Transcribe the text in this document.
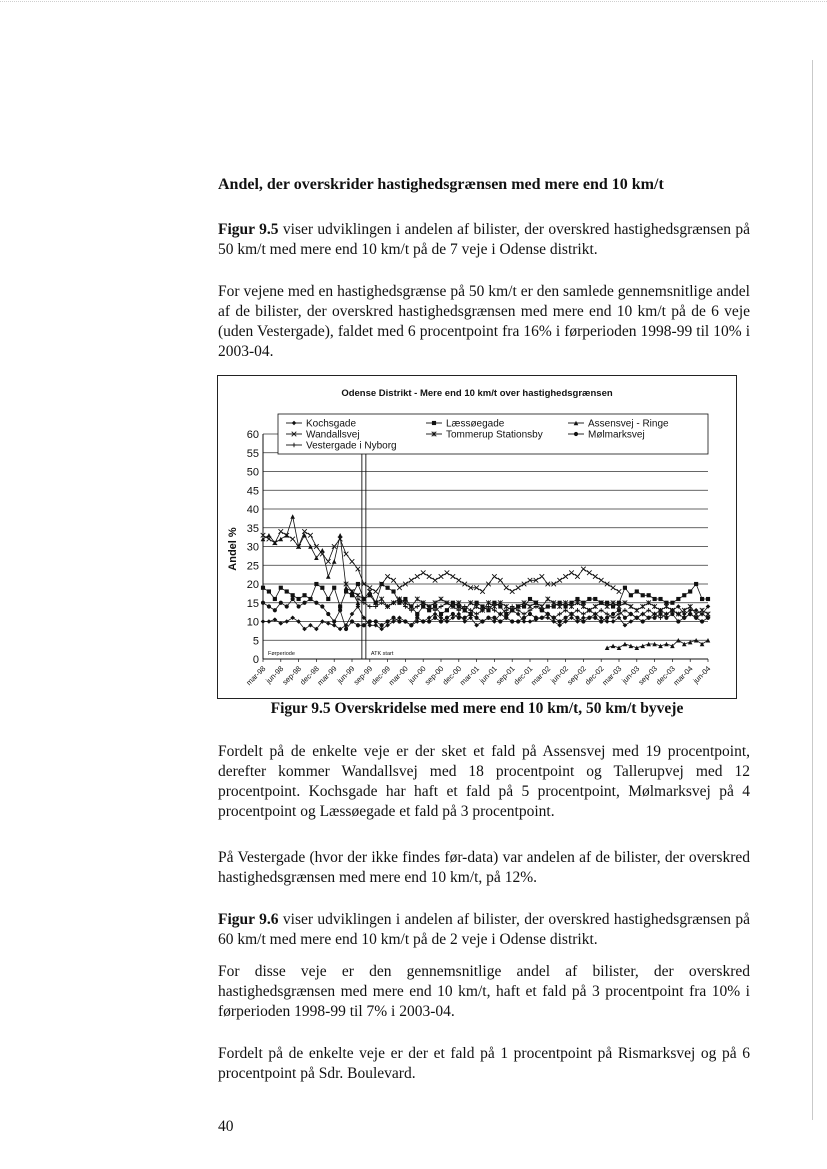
Andel, der overskrider hastighedsgrænsen med mere end 10 km/t

Figur 9.5 viser udviklingen i andelen af bilister, der overskred hastighedsgrænsen på 50 km/t med mere end 10 km/t på de 7 veje i Odense distrikt.

For vejene med en hastighedsgrænse på 50 km/t er den samlede gennemsnitlige andel af de bilister, der overskred hastighedsgrænsen med mere end 10 km/t på de 6 veje (uden Vestergade), faldet med 6 procentpoint fra 16% i førperioden 1998-99 til 10% i 2003-04.

Odense Distrikt - Mere end 10 km/t over hastighedsgrænsen
0
5
10
15
20
25
30
35
40
45
50
55
60
Andel %
mar-98
jun-98
sep-98
dec-98
mar-99
jun-99
sep-99
dec-99
mar-00
jun-00
sep-00
dec-00
mar-01
jun-01
sep-01
dec-01
mar-02
jun-02
sep-02
dec-02
mar-03
jun-03
sep-03
dec-03
mar-04
jun-04
Førperiode	ATK start
Kochsgade	Læssøegade	Assensvej - Ringe
Wandallsvej	Tommerup Stationsby	Mølmarksvej
Vestergade i Nyborg

Figur 9.5 Overskridelse med mere end 10 km/t, 50 km/t byveje

Fordelt på de enkelte veje er der sket et fald på Assensvej med 19 procentpoint, derefter kommer Wandallsvej med 18 procentpoint og Tallerupvej med 12 procentpoint. Kochsgade har haft et fald på 5 procentpoint, Mølmarksvej på 4 procentpoint og Læssøegade et fald på 3 procentpoint.

På Vestergade (hvor der ikke findes før-data) var andelen af de bilister, der overskred hastighedsgrænsen med mere end 10 km/t, på 12%.

Figur 9.6 viser udviklingen i andelen af bilister, der overskred hastighedsgrænsen på 60 km/t med mere end 10 km/t på de 2 veje i Odense distrikt.

For disse veje er den gennemsnitlige andel af bilister, der overskred hastighedsgrænsen med mere end 10 km/t, haft et fald på 3 procentpoint fra 10% i førperioden 1998-99 til 7% i 2003-04.

Fordelt på de enkelte veje er der et fald på 1 procentpoint på Rismarksvej og på 6 procentpoint på Sdr. Boulevard.

40
